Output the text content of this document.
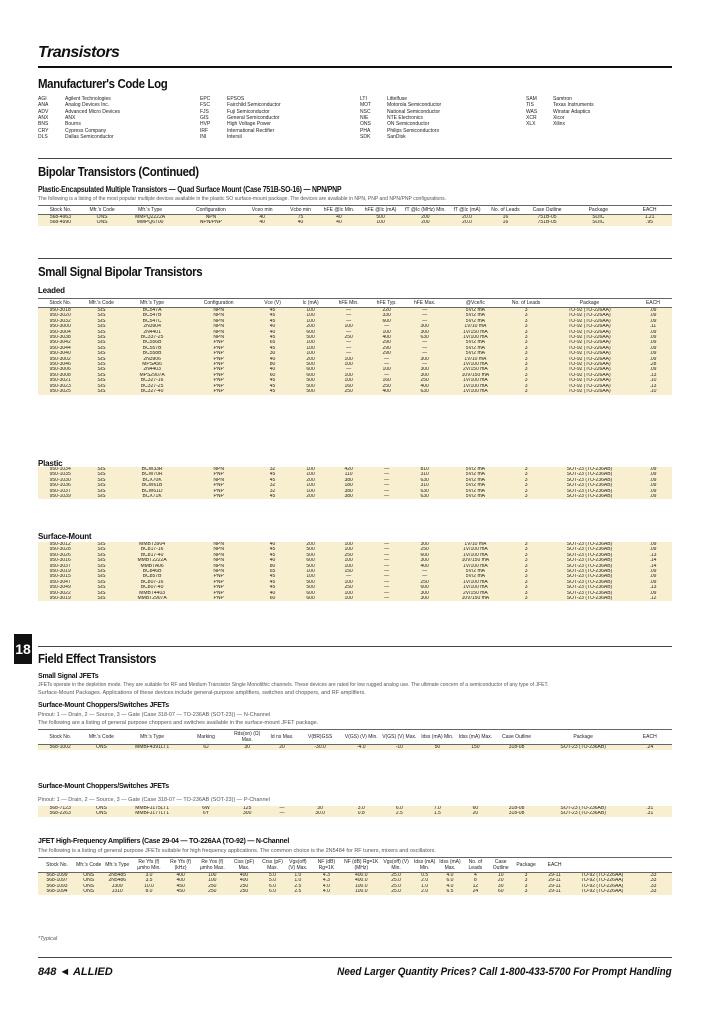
Transistors
Manufacturer's Code Log
AGI	Agilent Technologies
ANA	Analog Devices Inc.
ADV	Advanced Micro Devices
ANX	ANX
BNS	Bourns
CRY	Cypress Company
DLS	Dallas Semiconductor
EPC	EPSOS
FSC	Fairchild Semiconductor
FJS	Fuji Semiconductor
GIS	General Semiconductor
HVP	High Voltage Power
IRF	International Rectifier
INI	Intersil
LTI	Littelfuse
MOT	Motorola Semiconductor
NSC	National Semiconductor
NIE	NTE Electronics
ONS	ON Semiconductor
PHA	Philips Semiconductors
SDK	SanDisk
SAM	Samtron
TIS	Texas Instruments
WAS	Winstar Adaptics
XCR	Xicor
XLX	Xilinx
Bipolar Transistors (Continued)
Plastic-Encapsulated Multiple Transistors — Quad Surface Mount (Case 751B-SO-16) — NPN/PNP
The following is a listing of the most popular multiple devices available in the plastic SO surface-mount package. The devices are available in NPN, PNP and NPN/PNP configurations.
Stock No.	Mfr.'s Code	Mfr.'s Type	Configuration	Vceo min	Vcbo min	hFE @Ic Min.	hFE @Ic (mA)	fT @Ic (MHz) Min.	fT @Ic (mA)	No. of Leads	Case Outline	Package	EACH
568-4963	ONS	MMPQ2222A	NPN	40	75	40	500	200	20.0	16	751B-05	SOIC	1.21
568-4990	ONS	MMPQ6700	NPN/PNP	40	40	40	100	200	20.0	16	751B-05	SOIC	.95
Small Signal Bipolar Transistors
Leaded
Stock No.	Mfr.'s Code	Mfr.'s Type	Configuration	Vce (V)	Ic (mA)	hFE Min.	hFE Typ.	hFE Max.	@Vce/Ic	No. of Leads	Package	EACH
950-3018	SIS	BC547A	NPN	45	100	—	220	—	5V/2 mA	3	TO-92 (TO-226AA)	.09
950-3020	SIS	BC547B	NPN	45	100	—	330	—	5V/2 mA	3	TO-92 (TO-226AA)	.09
950-3032	SIS	BC547C	NPN	45	100	—	600	—	5V/2 mA	3	TO-92 (TO-226AA)	.09
950-3000	SIS	2N3904	NPN	40	200	100	—	300	1V/10 mA	3	TO-92 (TO-226AA)	.11
950-3004	SIS	2N4401	NPN	40	600	—	100	300	1V/150 mA	3	TO-92 (TO-226AA)	.09
950-3038	SIS	BC337-25	NPN	45	500	250	400	630	1V/100 mA	3	TO-92 (TO-226AA)	.09
950-3042	SIS	BC556B	PNP	65	100	—	290	—	5V/2 mA	3	TO-92 (TO-226AA)	.09
950-3044	SIS	BC557B	PNP	45	100	—	290	—	5V/2 mA	3	TO-92 (TO-226AA)	.09
950-3040	SIS	BC558B	PNP	30	100	—	290	—	5V/2 mA	3	TO-92 (TO-226AA)	.09
950-3002	SIS	2N3906	PNP	40	200	100	—	300	1V/10 mA	3	TO-92 (TO-226AA)	.09
950-3046	SIS	MPSA56	PNP	80	500	100	—	—	1V/100 mA	3	TO-92 (TO-226AA)	.28
950-3006	SIS	2N4403	PNP	40	600	—	100	300	2V/150 mA	3	TO-92 (TO-226AA)	.09
950-3008	SIS	MPS2907A	PNP	60	600	100	—	300	10V/150 mA	3	TO-92 (TO-226AA)	.13
950-3021	SIS	BC327-16	PNP	45	500	100	160	250	1V/100 mA	3	TO-92 (TO-226AA)	.10
950-3023	SIS	BC327-25	PNP	45	500	160	250	400	1V/100 mA	3	TO-92 (TO-226AA)	.13
950-3025	SIS	BC327-40	PNP	45	500	250	400	630	1V/100 mA	3	TO-92 (TO-226AA)	.10
Plastic
950-1034	SIS	BCW33R	NPN	32	100	420	—	810	5V/2 mA	3	SOT-23 (TO-236AB)	.09
950-1035	SIS	BCW70R	PNP	45	100	110	—	310	5V/2 mA	3	SOT-23 (TO-236AB)	.09
950-1030	SIS	BCX70K	NPN	45	200	380	—	630	5V/2 mA	3	SOT-23 (TO-236AB)	.09
950-1036	SIS	BCW61B	PNP	32	100	180	—	310	5V/2 mA	3	SOT-23 (TO-236AB)	.09
950-1037	SIS	BCW61D	PNP	32	100	380	—	630	5V/2 mA	3	SOT-23 (TO-236AB)	.09
950-1039	SIS	BCX71K	PNP	45	200	380	—	630	5V/2 mA	3	SOT-23 (TO-236AB)	.09
Surface-Mount
950-3012	SIS	MMBT3904	NPN	40	200	100	—	300	1V/10 mA	3	SOT-23 (TO-236AB)	.09
950-3028	SIS	BC817-16	NPN	45	500	100	—	250	1V/100 mA	3	SOT-23 (TO-236AB)	.09
950-3026	SIS	BC817-40	NPN	45	500	250	—	600	1V/100 mA	3	SOT-23 (TO-236AB)	.13
950-3016	SIS	MMBT2222A	NPN	40	600	100	—	300	10V/150 mA	3	SOT-23 (TO-236AB)	.14
950-3037	SIS	MMBTA06	NPN	80	500	100	—	400	1V/100 mA	3	SOT-23 (TO-236AB)	.14
950-3019	SIS	BC846B	NPN	65	100	150	—	—	5V/2 mA	3	SOT-23 (TO-236AB)	.09
950-3015	SIS	BC857B	PNP	45	100	—	—	—	5V/2 mA	3	SOT-23 (TO-236AB)	.09
950-3047	SIS	BC807-16	PNP	45	500	100	—	250	1V/100 mA	3	SOT-23 (TO-236AB)	.09
950-3049	SIS	BC807-40	PNP	45	500	250	—	600	1V/100 mA	3	SOT-23 (TO-236AB)	.13
950-3022	SIS	MMBT4403	PNP	40	600	100	—	300	2V/150 mA	3	SOT-23 (TO-236AB)	.09
950-3019	SIS	MMBT2907A	PNP	60	600	100	—	300	10V/150 mA	3	SOT-23 (TO-236AB)	.12
18
Field Effect Transistors
Small Signal JFETs
JFETs operate in the depletion mode. They are suitable for RF and Medium Transistor Single Monolithic channels. These devices are rated for low rugged analog use. The ultimate concern of a semiconductor of any type of JFET.
Surface-Mount Packages. Applications of these devices include general-purpose amplifiers, switches and choppers, and RF amplifiers.
Surface-Mount Choppers/Switches JFETs
Pinout: 1 — Drain, 2 — Source, 3 — Gate (Case 318-07 — TO-236AB (SOT-23)) — N-Channel
The following are a listing of general purpose choppers and switches available in the surface-mount JFET package.
Stock No.	Mfr.'s Code	Mfr.'s Type	Marking	Rds(on) (Ω) Max.	Id ns Max.	V(BR)GSS	V(GS) (V) Min.	V(GS) (V) Max.	Idss (mA) Min.	Idss (mA) Max.	Case Outline	Package	EACH
568-1002	ONS	MMBF4391LT1	6J	30	20	-30.0	-4.0	-10	50	150	318-08	SOT-23 (TO-236AB)	.24
Surface-Mount Choppers/Switches JFETs
Pinout: 1 — Drain, 2 — Source, 3 — Gate (Case 318-07 — TO-236AB (SOT-23)) — P-Channel
568-7123	ONS	MMBFJ175LT1	6W	125	—	30	3.0	6.0	7.0	60	318-08	SOT-23 (TO-236AB)	.31
568-2263	ONS	MMBFJ177LT1	6Y	300	—	30.0	0.8	2.5	1.5	20	318-08	SOT-23 (TO-236AB)	.31
JFET High-Frequency Amplifiers (Case 29-04 — TO-226AA (TO-92) — N-Channel
The following is a listing of general purpose JFETs suitable for high frequency applications. The common choice is the 2N5484 for RF tuners, mixers and oscillators.
Stock No.	Mfr.'s Code	Mfr.'s Type	Re Yfs (f) µmho Min.	Re Yfs (f) (kHz)	Re Yos (f) µmho Max.	Ciss (pF) Max.	Crss (pF) Max.	Vgs(off) (V) Max.	NF (dB) Rg=1K	NF (dB) Rg=1K (MHz)	Vgs(off) (V) Min.	Idss (mA) Min.	Idss (mA) Max.	No. of Leads	Case Outline	Package	EACH		
568-1099	ONS	2N5485	3.0	400	100	400	5.0	1.0	4.3	400.0	25.0	0.5	4.0	4	10	3	29-11	TO-92 (TO-226AA)	.33
568-1097	ONS	2N5486	3.5	400	100	400	5.0	1.0	4.3	400.0	25.0	2.0	6.0	8	20	3	29-11	TO-92 (TO-226AA)	.33
568-1093	ONS	J309	10.0	450	250	250	6.0	2.5	4.0	100.0	25.0	1.0	4.0	12	30	3	29-11	TO-92 (TO-226AA)	.33
568-1094	ONS	J310	8.0	450	250	250	6.0	2.5	4.0	100.0	25.0	2.0	6.5	24	60	3	29-11	TO-92 (TO-226AA)	.33
*Typical
848 ◄ ALLIED	Need Larger Quantity Prices? Call 1-800-433-5700 For Prompt Handling
